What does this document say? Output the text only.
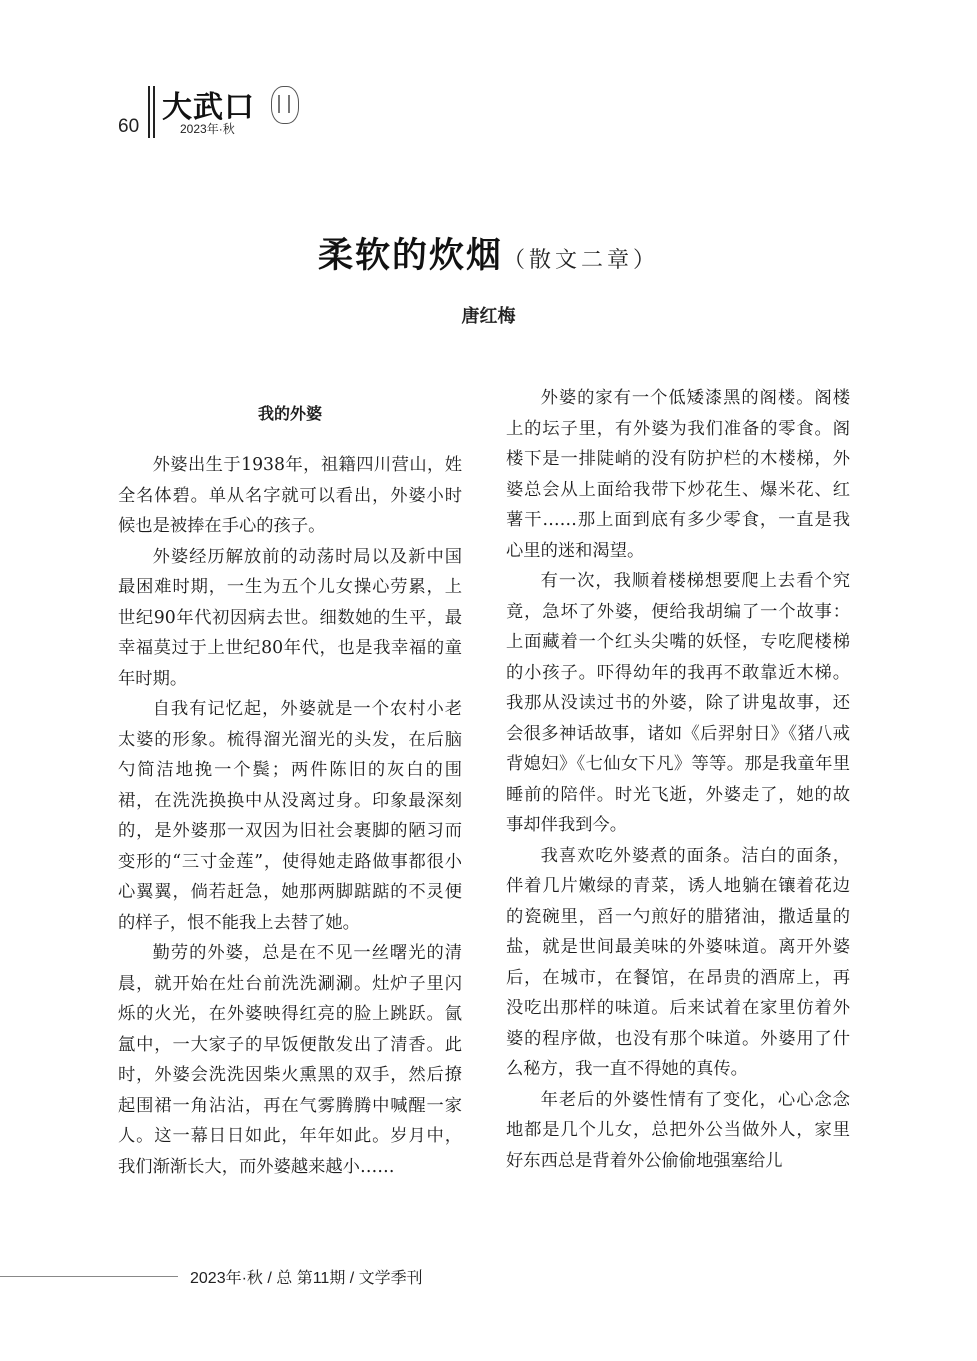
60
大武口
2023年·秋
柔软的炊烟（散文二章）
唐红梅
我的外婆

外婆出生于1938年，祖籍四川营山，姓全名体碧。单从名字就可以看出，外婆小时候也是被捧在手心的孩子。

外婆经历解放前的动荡时局以及新中国最困难时期，一生为五个儿女操心劳累，上世纪90年代初因病去世。细数她的生平，最幸福莫过于上世纪80年代，也是我幸福的童年时期。

自我有记忆起，外婆就是一个农村小老太婆的形象。梳得溜光溜光的头发，在后脑勺简洁地挽一个鬓；两件陈旧的灰白的围裙，在洗洗换换中从没离过身。印象最深刻的，是外婆那一双因为旧社会裹脚的陋习而变形的“三寸金莲”，使得她走路做事都很小心翼翼，倘若赶急，她那两脚踮踮的不灵便的样子，恨不能我上去替了她。

勤劳的外婆，总是在不见一丝曙光的清晨，就开始在灶台前洗洗涮涮。灶炉子里闪烁的火光，在外婆映得红亮的脸上跳跃。氤氲中，一大家子的早饭便散发出了清香。此时，外婆会洗洗因柴火熏黑的双手，然后撩起围裙一角沾沾，再在气雾腾腾中喊醒一家人。这一幕日日如此，年年如此。岁月中，我们渐渐长大，而外婆越来越小……

外婆的家有一个低矮漆黑的阁楼。阁楼上的坛子里，有外婆为我们准备的零食。阁楼下是一排陡峭的没有防护栏的木楼梯，外婆总会从上面给我带下炒花生、爆米花、红薯干……那上面到底有多少零食，一直是我心里的迷和渴望。

有一次，我顺着楼梯想要爬上去看个究竟，急坏了外婆，便给我胡编了一个故事：上面藏着一个红头尖嘴的妖怪，专吃爬楼梯的小孩子。吓得幼年的我再不敢靠近木梯。我那从没读过书的外婆，除了讲鬼故事，还会很多神话故事，诸如《后羿射日》《猪八戒背媳妇》《七仙女下凡》等等。那是我童年里睡前的陪伴。时光飞逝，外婆走了，她的故事却伴我到今。

我喜欢吃外婆煮的面条。洁白的面条，伴着几片嫩绿的青菜，诱人地躺在镶着花边的瓷碗里，舀一勺煎好的腊猪油，撒适量的盐，就是世间最美味的外婆味道。离开外婆后，在城市，在餐馆，在昂贵的酒席上，再没吃出那样的味道。后来试着在家里仿着外婆的程序做，也没有那个味道。外婆用了什么秘方，我一直不得她的真传。

年老后的外婆性情有了变化，心心念念地都是几个儿女，总把外公当做外人，家里好东西总是背着外公偷偷地强塞给儿

2023年·秋 / 总 第11期 / 文学季刊
